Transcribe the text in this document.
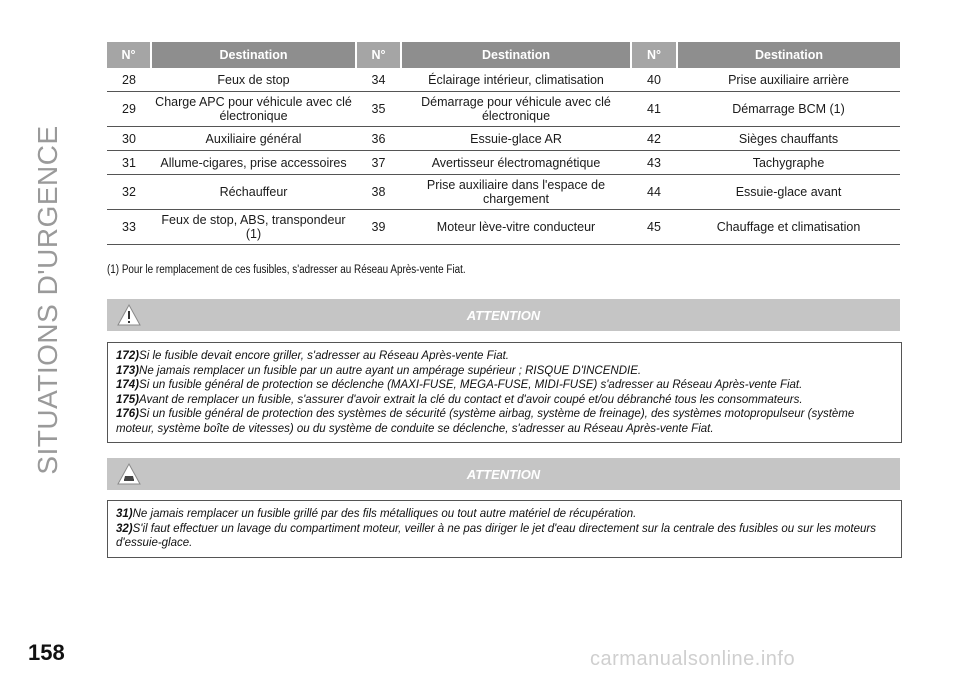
SITUATIONS D'URGENCE
158	carmanualsonline.info
N°	Destination	N°	Destination	N°	Destination
28	Feux de stop	34	Éclairage intérieur, climatisation	40	Prise auxiliaire arrière
29	Charge APC pour véhicule avec clé électronique	35	Démarrage pour véhicule avec clé électronique	41	Démarrage BCM (1)
30	Auxiliaire général	36	Essuie-glace AR	42	Sièges chauffants
31	Allume-cigares, prise accessoires	37	Avertisseur électromagnétique	43	Tachygraphe
32	Réchauffeur	38	Prise auxiliaire dans l'espace de chargement	44	Essuie-glace avant
33	Feux de stop, ABS, transpondeur (1)	39	Moteur lève-vitre conducteur	45	Chauffage et climatisation
(1) Pour le remplacement de ces fusibles, s'adresser au Réseau Après-vente Fiat.
ATTENTION
172)Si le fusible devait encore griller, s'adresser au Réseau Après-vente Fiat.
173)Ne jamais remplacer un fusible par un autre ayant un ampérage supérieur ; RISQUE D'INCENDIE.
174)Si un fusible général de protection se déclenche (MAXI-FUSE, MEGA-FUSE, MIDI-FUSE) s'adresser au Réseau Après-vente Fiat.
175)Avant de remplacer un fusible, s'assurer d'avoir extrait la clé du contact et d'avoir coupé et/ou débranché tous les consommateurs.
176)Si un fusible général de protection des systèmes de sécurité (système airbag, système de freinage), des systèmes motopropulseur (système moteur, système boîte de vitesses) ou du système de conduite se déclenche, s'adresser au Réseau Après-vente Fiat.
ATTENTION
31)Ne jamais remplacer un fusible grillé par des fils métalliques ou tout autre matériel de récupération.
32)S'il faut effectuer un lavage du compartiment moteur, veiller à ne pas diriger le jet d'eau directement sur la centrale des fusibles ou sur les moteurs d'essuie-glace.
